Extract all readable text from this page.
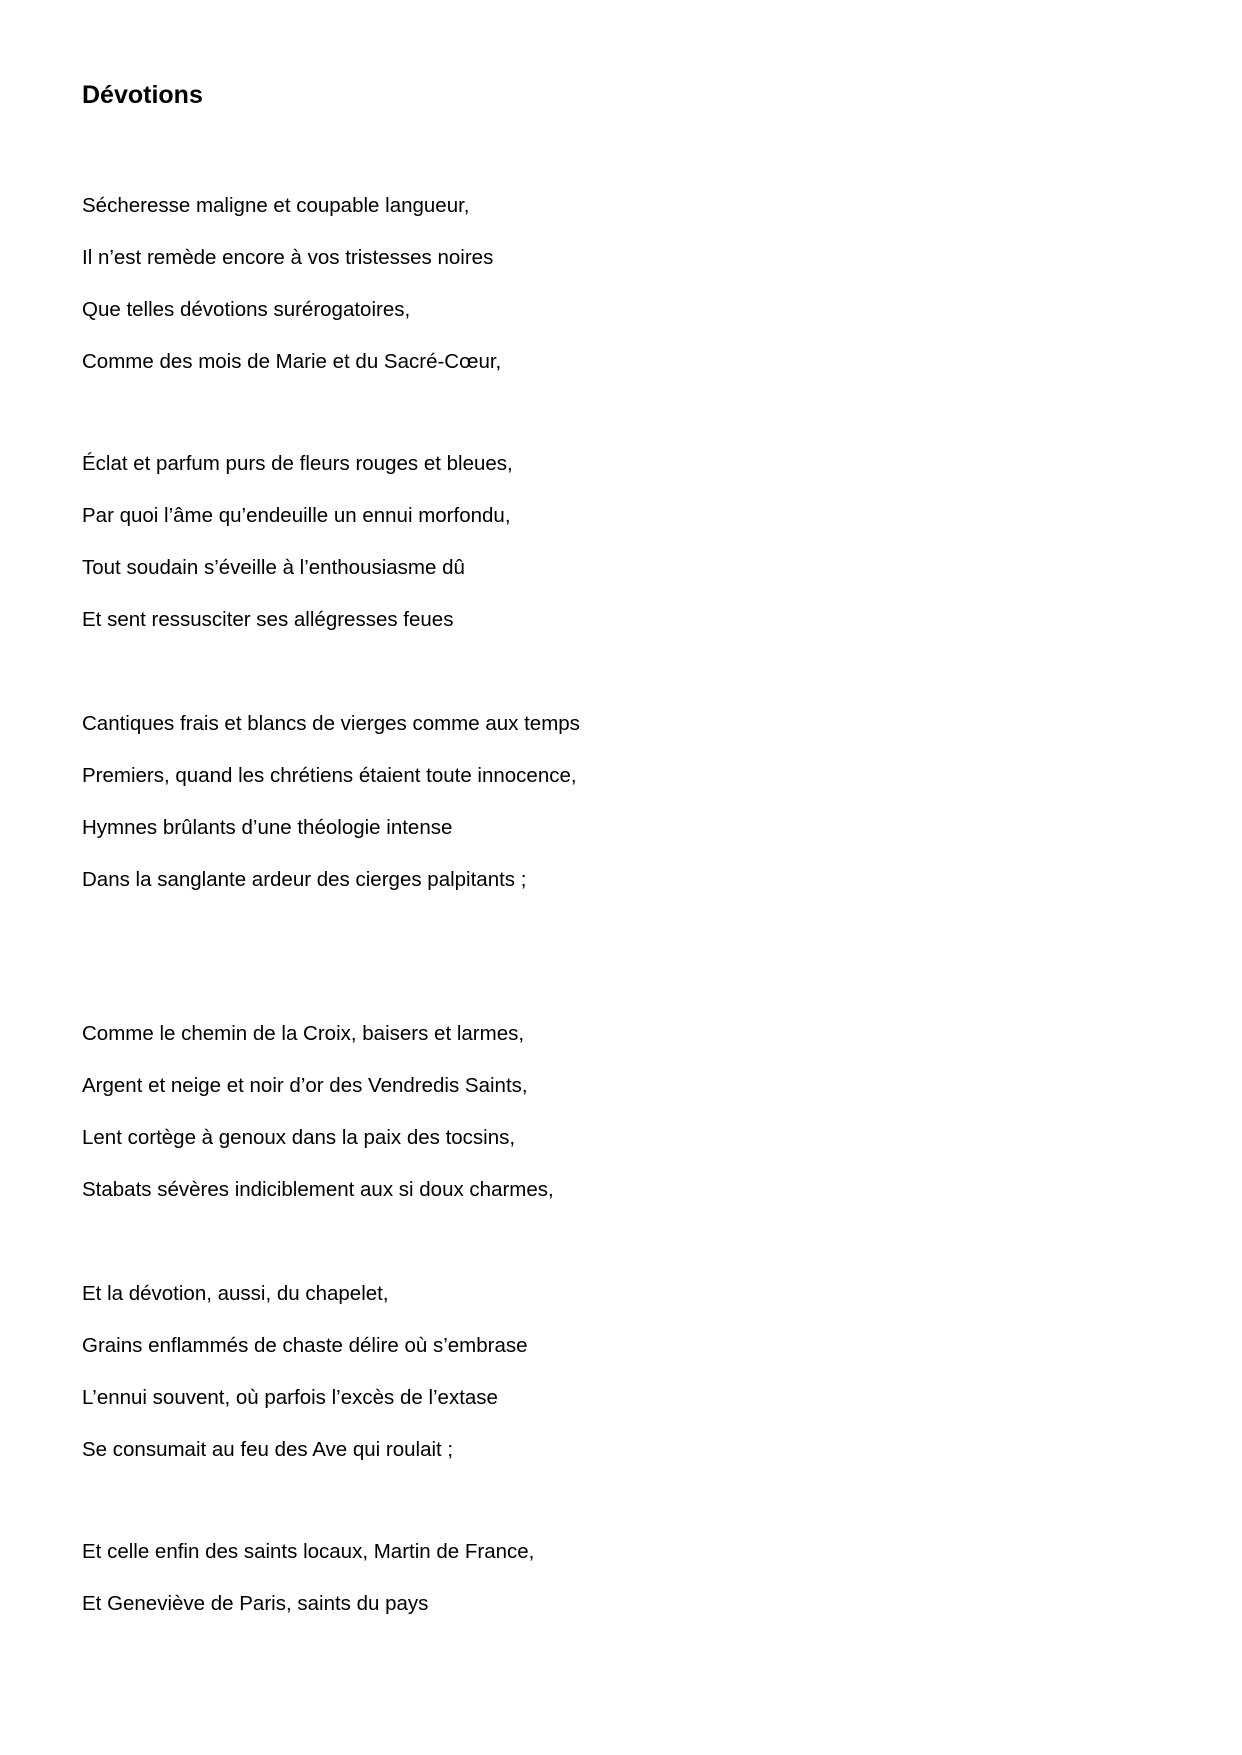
Dévotions

Sécheresse maligne et coupable langueur,

Il n’est remède encore à vos tristesses noires

Que telles dévotions surérogatoires,

Comme des mois de Marie et du Sacré-Cœur,

Éclat et parfum purs de fleurs rouges et bleues,

Par quoi l’âme qu’endeuille un ennui morfondu,

Tout soudain s’éveille à l’enthousiasme dû

Et sent ressusciter ses allégresses feues

Cantiques frais et blancs de vierges comme aux temps

Premiers, quand les chrétiens étaient toute innocence,

Hymnes brûlants d’une théologie intense

Dans la sanglante ardeur des cierges palpitants ;

Comme le chemin de la Croix, baisers et larmes,

Argent et neige et noir d’or des Vendredis Saints,

Lent cortège à genoux dans la paix des tocsins,

Stabats sévères indiciblement aux si doux charmes,

Et la dévotion, aussi, du chapelet,

Grains enflammés de chaste délire où s’embrase

L’ennui souvent, où parfois l’excès de l’extase

Se consumait au feu des Ave qui roulait ;

Et celle enfin des saints locaux, Martin de France,

Et Geneviève de Paris, saints du pays
